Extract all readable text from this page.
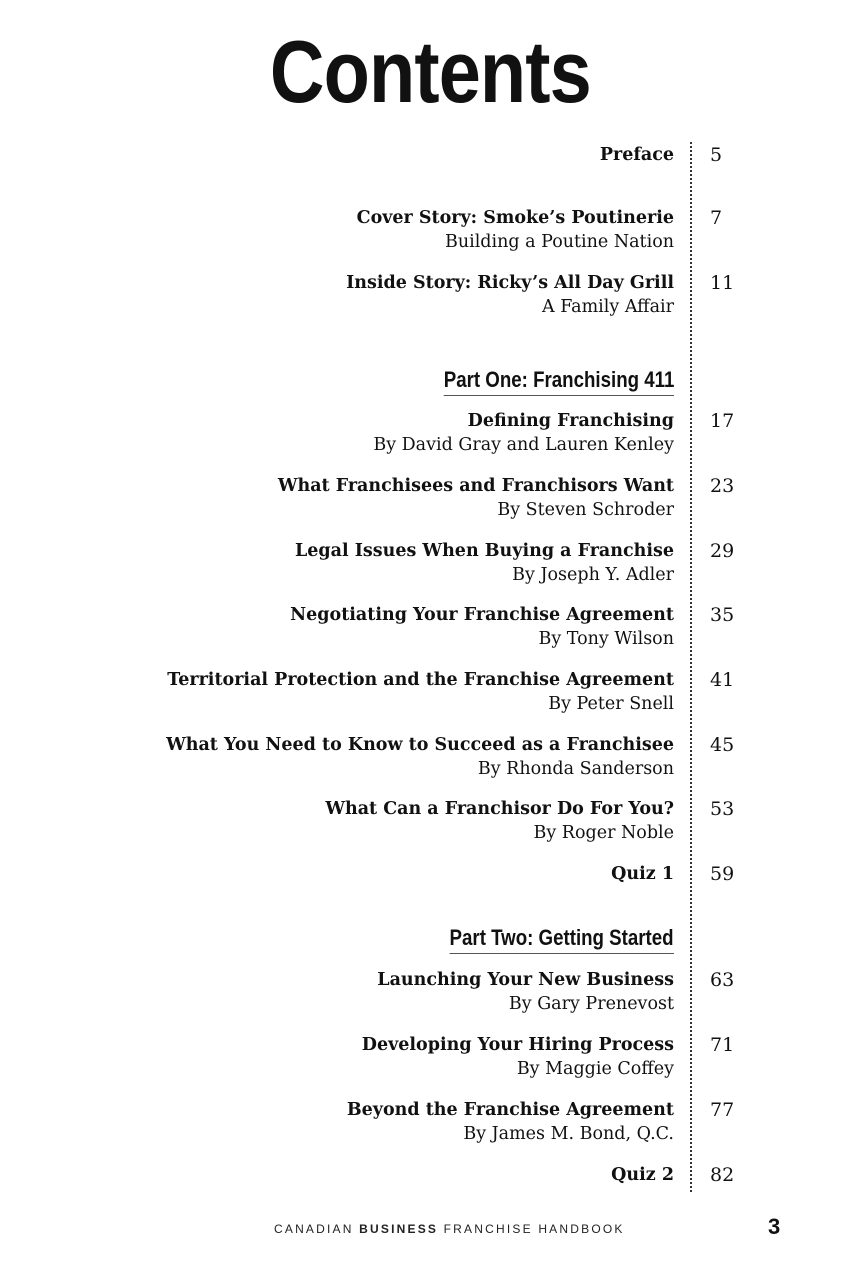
Contents
Preface 5
Cover Story: Smoke’s Poutinerie
Building a Poutine Nation
7
Inside Story: Ricky’s All Day Grill
A Family Affair
11
Part One: Franchising 411
Defining Franchising
By David Gray and Lauren Kenley
17
What Franchisees and Franchisors Want
By Steven Schroder
23
Legal Issues When Buying a Franchise
By Joseph Y. Adler
29
Negotiating Your Franchise Agreement
By Tony Wilson
35
Territorial Protection and the Franchise Agreement
By Peter Snell
41
What You Need to Know to Succeed as a Franchisee
By Rhonda Sanderson
45
What Can a Franchisor Do For You?
By Roger Noble
53
Quiz 1 59
Part Two: Getting Started
Launching Your New Business
By Gary Prenevost
63
Developing Your Hiring Process
By Maggie Coffey
71
Beyond the Franchise Agreement
By James M. Bond, Q.C.
77
Quiz 2 82
CANADIAN BUSINESS FRANCHISE HANDBOOK	3
